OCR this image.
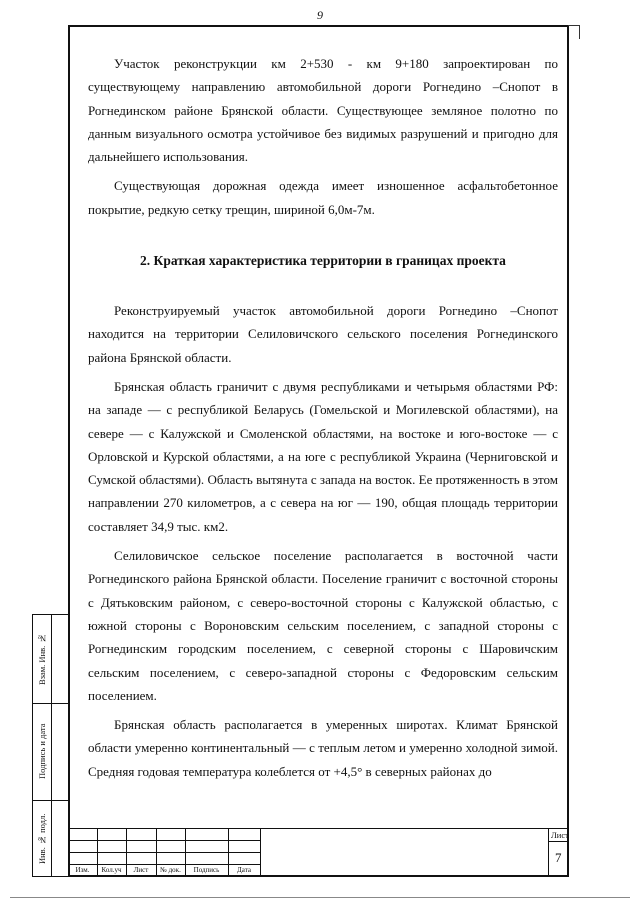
9

Участок реконструкции км 2+530 - км 9+180 запроектирован по существующему направлению автомобильной дороги Рогнедино –Снопот в Рогнединском районе Брянской области. Существующее земляное полотно по данным визуального осмотра устойчивое без видимых разрушений и пригодно для дальнейшего использования.

Существующая дорожная одежда имеет изношенное асфальтобетонное покрытие, редкую сетку трещин, шириной 6,0м-7м.

2. Краткая характеристика территории в границах проекта

Реконструируемый участок автомобильной дороги Рогнедино –Снопот находится на территории Селиловичского сельского поселения Рогнединского района Брянской области.

Брянская область граничит с двумя республиками и четырьмя областями РФ: на западе — с республикой Беларусь (Гомельской и Могилевской областями), на севере — с Калужской и Смоленской областями, на востоке и юго-востоке — с Орловской и Курской областями, а на юге с республикой Украина (Черниговской и Сумской областями). Область вытянута с запада на восток. Ее протяженность в этом направлении 270 километров, а с севера на юг — 190, общая площадь территории составляет 34,9 тыс. км2.

Селиловичское сельское поселение располагается в восточной части Рогнединского района Брянской области. Поселение граничит с восточной стороны с Дятьковским районом, с северо-восточной стороны с Калужской областью, с южной стороны с Вороновским сельским поселением, с западной стороны с Рогнединским городским поселением, с северной стороны с Шаровичским сельским поселением, с северо-западной стороны с Федоровским сельским поселением.

Брянская область располагается в умеренных широтах. Климат Брянской области умеренно континентальный — с теплым летом и умеренно холодной зимой. Средняя годовая температура колеблется от +4,5° в северных районах до

Взам. Инв. №
Подпись и дата
Инв. № подл.
Изм.	Кол.уч	Лист	№ док.	Подпись	Дата
Лист
7
